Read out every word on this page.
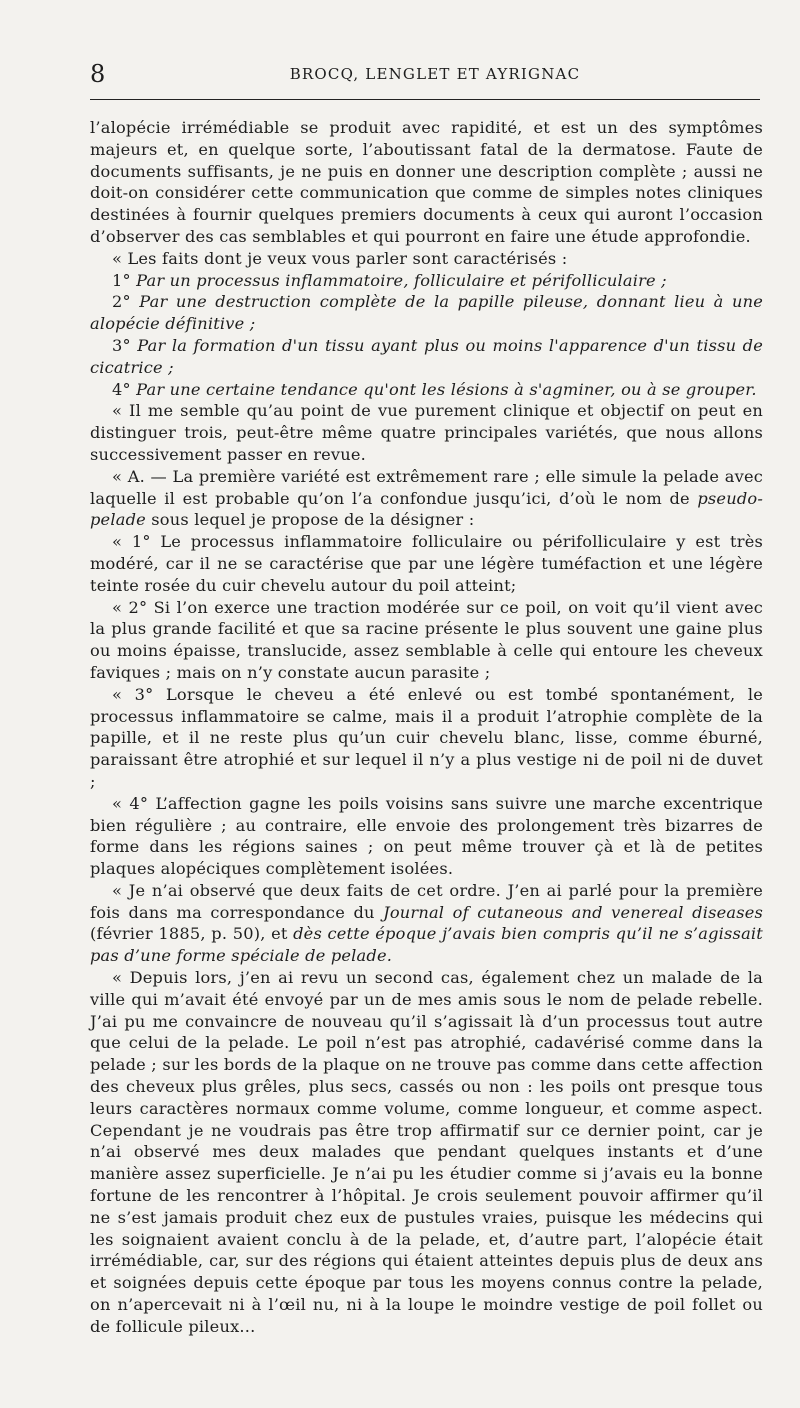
8	BROCQ, LENGLET ET AYRIGNAC

l’alopécie irrémédiable se produit avec rapidité, et est un des symptômes majeurs et, en quelque sorte, l’aboutissant fatal de la dermatose. Faute de documents suffisants, je ne puis en donner une description complète ; aussi ne doit-on considérer cette communication que comme de simples notes cliniques destinées à fournir quelques premiers documents à ceux qui auront l’occasion d’observer des cas semblables et qui pourront en faire une étude approfondie.

« Les faits dont je veux vous parler sont caractérisés :

1° Par un processus inflammatoire, folliculaire et périfolliculaire ;

2° Par une destruction complète de la papille pileuse, donnant lieu à une alopécie définitive ;

3° Par la formation d'un tissu ayant plus ou moins l'apparence d'un tissu de cicatrice ;

4° Par une certaine tendance qu'ont les lésions à s'agminer, ou à se grouper.

« Il me semble qu’au point de vue purement clinique et objectif on peut en distinguer trois, peut-être même quatre principales variétés, que nous allons successivement passer en revue.

« A. — La première variété est extrêmement rare ; elle simule la pelade avec laquelle il est probable qu’on l’a confondue jusqu’ici, d’où le nom de pseudo-pelade sous lequel je propose de la désigner :

« 1° Le processus inflammatoire folliculaire ou périfolliculaire y est très modéré, car il ne se caractérise que par une légère tuméfaction et une légère teinte rosée du cuir chevelu autour du poil atteint;

« 2° Si l’on exerce une traction modérée sur ce poil, on voit qu’il vient avec la plus grande facilité et que sa racine présente le plus souvent une gaine plus ou moins épaisse, translucide, assez semblable à celle qui entoure les cheveux faviques ; mais on n’y constate aucun parasite ;

« 3° Lorsque le cheveu a été enlevé ou est tombé spontanément, le processus inflammatoire se calme, mais il a produit l’atrophie complète de la papille, et il ne reste plus qu’un cuir chevelu blanc, lisse, comme éburné, paraissant être atrophié et sur lequel il n’y a plus vestige ni de poil ni de duvet ;

« 4° L’affection gagne les poils voisins sans suivre une marche excentrique bien régulière ; au contraire, elle envoie des prolongement très bizarres de forme dans les régions saines ; on peut même trouver çà et là de petites plaques alopéciques complètement isolées.

« Je n’ai observé que deux faits de cet ordre. J’en ai parlé pour la première fois dans ma correspondance du Journal of cutaneous and venereal diseases (février 1885, p. 50), et dès cette époque j’avais bien compris qu’il ne s’agissait pas d’une forme spéciale de pelade.

« Depuis lors, j’en ai revu un second cas, également chez un malade de la ville qui m’avait été envoyé par un de mes amis sous le nom de pelade rebelle. J’ai pu me convaincre de nouveau qu’il s’agissait là d’un processus tout autre que celui de la pelade. Le poil n’est pas atrophié, cadavérisé comme dans la pelade ; sur les bords de la plaque on ne trouve pas comme dans cette affection des cheveux plus grêles, plus secs, cassés ou non : les poils ont presque tous leurs caractères normaux comme volume, comme longueur, et comme aspect. Cependant je ne voudrais pas être trop affirmatif sur ce dernier point, car je n’ai observé mes deux malades que pendant quelques instants et d’une manière assez superficielle. Je n’ai pu les étudier comme si j’avais eu la bonne fortune de les rencontrer à l’hôpital. Je crois seulement pouvoir affirmer qu’il ne s’est jamais produit chez eux de pustules vraies, puisque les médecins qui les soignaient avaient conclu à de la pelade, et, d’autre part, l’alopécie était irrémédiable, car, sur des régions qui étaient atteintes depuis plus de deux ans et soignées depuis cette époque par tous les moyens connus contre la pelade, on n’apercevait ni à l’œil nu, ni à la loupe le moindre vestige de poil follet ou de follicule pileux...
